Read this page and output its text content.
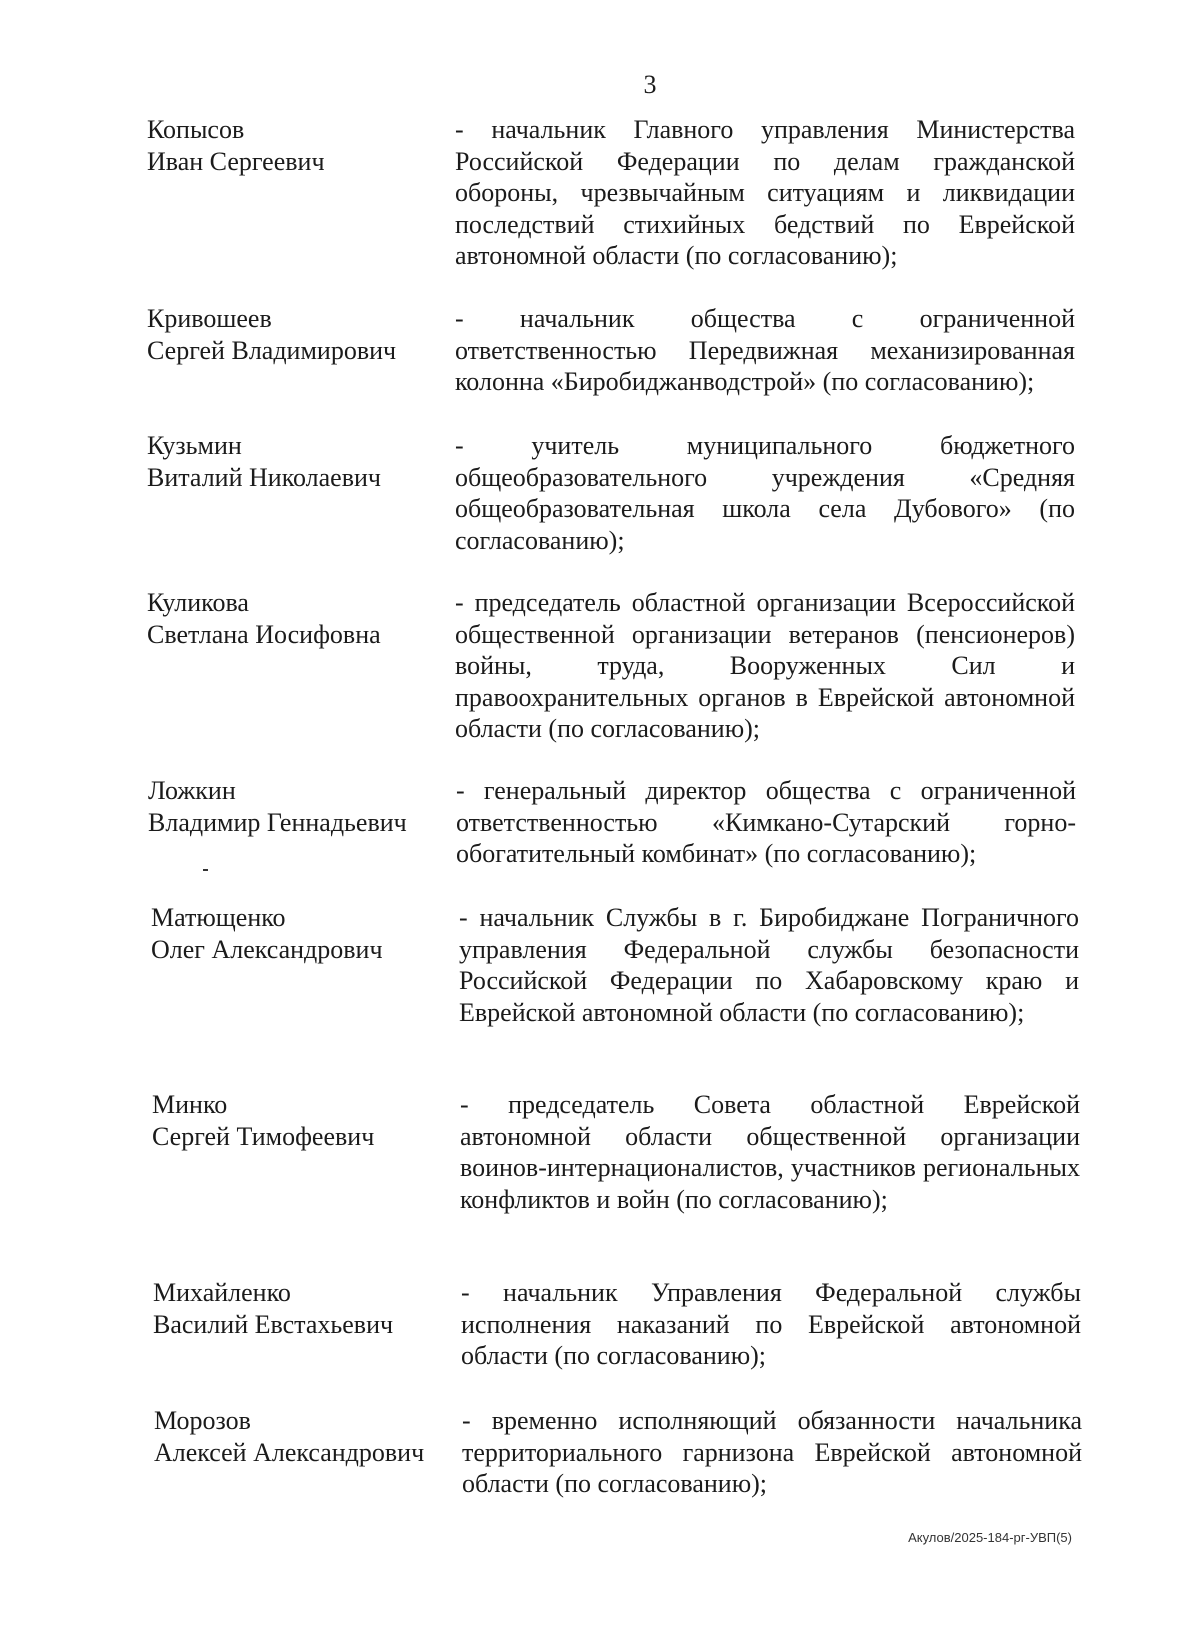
3
Копысов
Иван Сергеевич
- начальник Главного управления Министерства Российской Федерации по делам гражданской обороны, чрезвычайным ситуациям и ликвидации последствий стихийных бедствий по Еврейской автономной области (по согласованию);
Кривошеев
Сергей Владимирович
- начальник общества с ограниченной ответственностью Передвижная механизированная колонна «Биробиджанводстрой» (по согласованию);
Кузьмин
Виталий Николаевич
- учитель муниципального бюджетного общеобразовательного учреждения «Средняя общеобразовательная школа села Дубового» (по согласованию);
Куликова
Светлана Иосифовна
- председатель областной организации Всероссийской общественной организации ветеранов (пенсионеров) войны, труда, Вооруженных Сил и правоохранительных органов в Еврейской автономной области (по согласованию);
Ложкин
Владимир Геннадьевич
- генеральный директор общества с ограниченной ответственностью «Кимкано-Сутарский горно-обогатительный комбинат» (по согласованию);
Матющенко
Олег Александрович
- начальник Службы в г. Биробиджане Пограничного управления Федеральной службы безопасности Российской Федерации по Хабаровскому краю и Еврейской автономной области (по согласованию);
Минко
Сергей Тимофеевич
- председатель Совета областной Еврейской автономной области общественной организации воинов-интернационалистов, участников региональных конфликтов и войн (по согласованию);
Михайленко
Василий Евстахьевич
- начальник Управления Федеральной службы исполнения наказаний по Еврейской автономной области (по согласованию);
Морозов
Алексей Александрович
- временно исполняющий обязанности начальника территориального гарнизона Еврейской автономной области (по согласованию);
Акулов/2025-184-рг-УВП(5)
